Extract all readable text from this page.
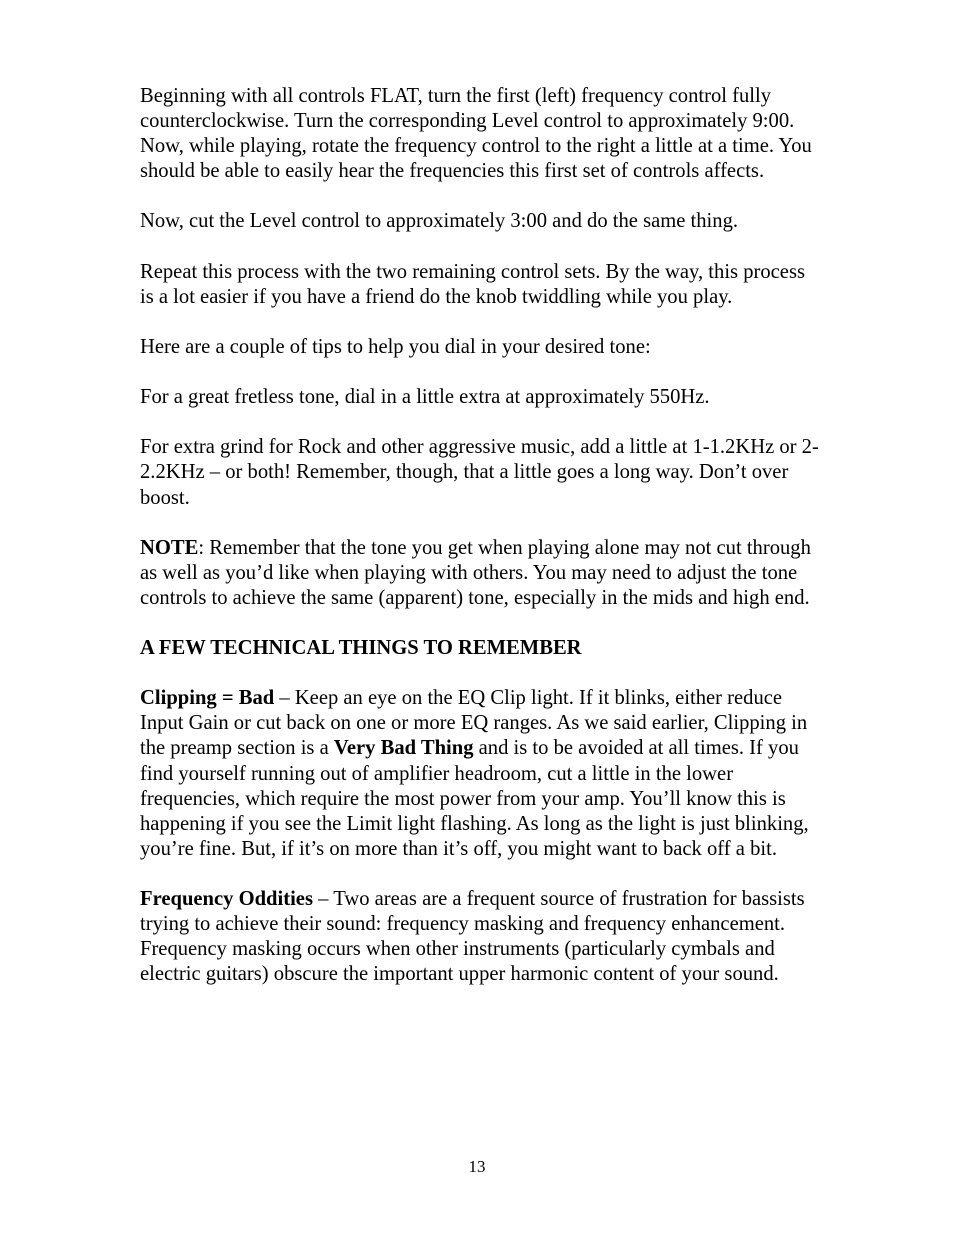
Beginning with all controls FLAT, turn the first (left) frequency control fully counterclockwise. Turn the corresponding Level control to approximately 9:00. Now, while playing, rotate the frequency control to the right a little at a time. You should be able to easily hear the frequencies this first set of controls affects.

Now, cut the Level control to approximately 3:00 and do the same thing.

Repeat this process with the two remaining control sets. By the way, this process is a lot easier if you have a friend do the knob twiddling while you play.

Here are a couple of tips to help you dial in your desired tone:

For a great fretless tone, dial in a little extra at approximately 550Hz.

For extra grind for Rock and other aggressive music, add a little at 1-1.2KHz or 2-2.2KHz – or both! Remember, though, that a little goes a long way. Don’t over boost.

NOTE: Remember that the tone you get when playing alone may not cut through as well as you’d like when playing with others. You may need to adjust the tone controls to achieve the same (apparent) tone, especially in the mids and high end.

A FEW TECHNICAL THINGS TO REMEMBER

Clipping = Bad – Keep an eye on the EQ Clip light. If it blinks, either reduce Input Gain or cut back on one or more EQ ranges. As we said earlier, Clipping in the preamp section is a Very Bad Thing and is to be avoided at all times. If you find yourself running out of amplifier headroom, cut a little in the lower frequencies, which require the most power from your amp. You’ll know this is happening if you see the Limit light flashing. As long as the light is just blinking, you’re fine. But, if it’s on more than it’s off, you might want to back off a bit.

Frequency Oddities – Two areas are a frequent source of frustration for bassists trying to achieve their sound: frequency masking and frequency enhancement. Frequency masking occurs when other instruments (particularly cymbals and electric guitars) obscure the important upper harmonic content of your sound.

13
